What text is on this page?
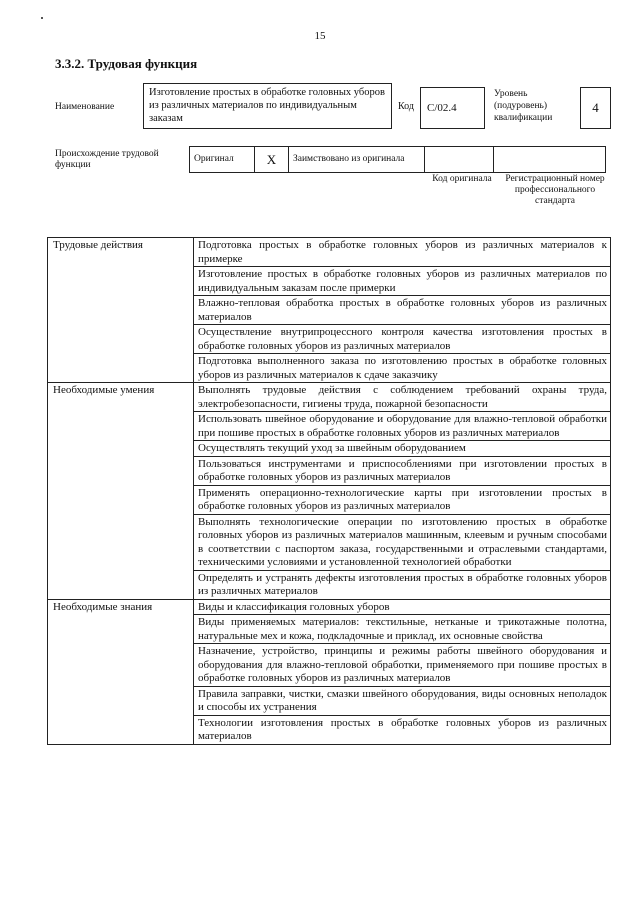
15
3.3.2. Трудовая функция
Наименование
Изготовление простых в обработке головных уборов из различных материалов по индивидуальным заказам
Код	С/02.4
Уровень (подуровень) квалификации
4
Происхождение трудовой функции
Оригинал	X	Заимствовано из оригинала		
Код оригинала	Регистрационный номер профессионального стандарта
Трудовые действия	Подготовка простых в обработке головных уборов из различных материалов к примерке
	Изготовление простых в обработке головных уборов из различных материалов по индивидуальным заказам после примерки
	Влажно-тепловая обработка простых в обработке головных уборов из различных материалов
	Осуществление внутрипроцессного контроля качества изготовления простых в обработке головных уборов из различных материалов
	Подготовка выполненного заказа по изготовлению простых в обработке головных уборов из различных материалов к сдаче заказчику
Необходимые умения	Выполнять трудовые действия с соблюдением требований охраны труда, электробезопасности, гигиены труда, пожарной безопасности
	Использовать швейное оборудование и оборудование для влажно-тепловой обработки при пошиве простых в обработке головных уборов из различных материалов
	Осуществлять текущий уход за швейным оборудованием
	Пользоваться инструментами и приспособлениями при изготовлении простых в обработке головных уборов из различных материалов
	Применять операционно-технологические карты при изготовлении простых в обработке головных уборов из различных материалов
	Выполнять технологические операции по изготовлению простых в обработке головных уборов из различных материалов машинным, клеевым и ручным способами в соответствии с паспортом заказа, государственными и отраслевыми стандартами, техническими условиями и установленной технологией обработки
	Определять и устранять дефекты изготовления простых в обработке головных уборов из различных материалов
Необходимые знания	Виды и классификация головных уборов
	Виды применяемых материалов: текстильные, нетканые и трикотажные полотна, натуральные мех и кожа, подкладочные и приклад, их основные свойства
	Назначение, устройство, принципы и режимы работы швейного оборудования и оборудования для влажно-тепловой обработки, применяемого при пошиве простых в обработке головных уборов из различных материалов
	Правила заправки, чистки, смазки швейного оборудования, виды основных неполадок и способы их устранения
	Технологии изготовления простых в обработке головных уборов из различных материалов
